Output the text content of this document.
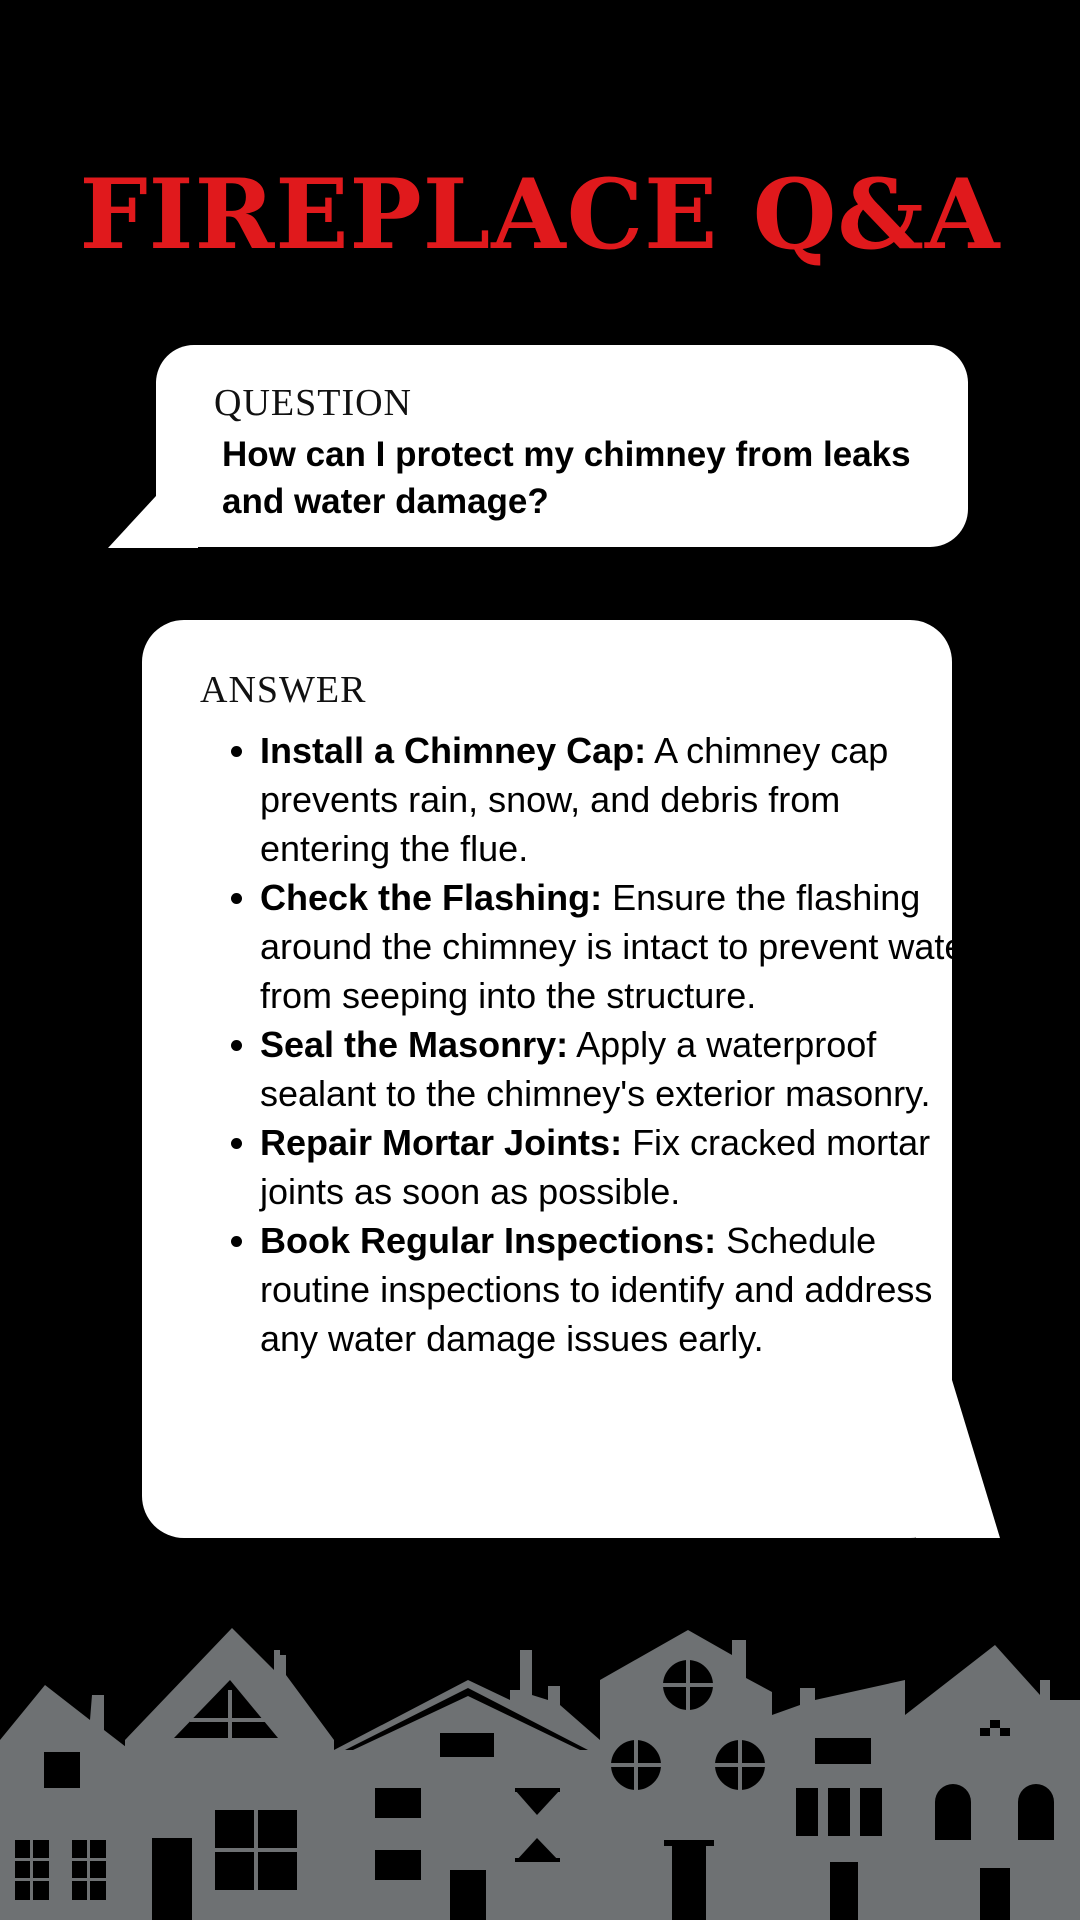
FIREPLACE Q&A
QUESTION

How can I protect my chimney from leaks and water damage?

ANSWER
• Install a Chimney Cap: A chimney cap prevents rain, snow, and debris from entering the flue.
• Check the Flashing: Ensure the flashing around the chimney is intact to prevent water from seeping into the structure.
• Seal the Masonry: Apply a waterproof sealant to the chimney's exterior masonry.
• Repair Mortar Joints: Fix cracked mortar joints as soon as possible.
• Book Regular Inspections: Schedule routine inspections to identify and address any water damage issues early.
